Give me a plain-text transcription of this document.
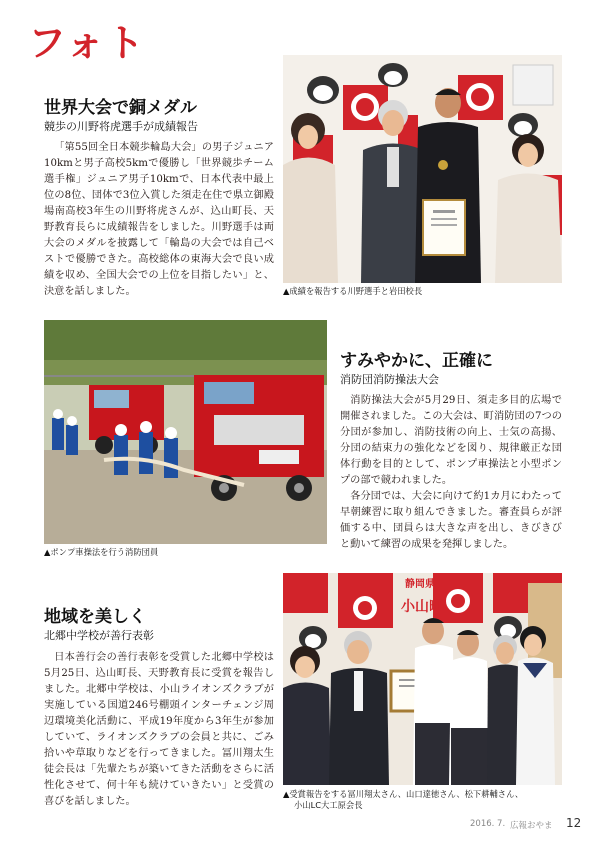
フォト
世界大会で銅メダル
競歩の川野将虎選手が成績報告

「第55回全日本競歩輪島大会」の男子ジュニア10kmと男子高校5kmで優勝し「世界競歩チーム選手権」ジュニア男子10kmで、日本代表中最上位の8位、団体で3位入賞した須走在住で県立御殿場南高校3年生の川野将虎さんが、込山町長、天野教育長らに成績報告をしました。川野選手は両大会のメダルを披露して「輪島の大会では自己ベストで優勝できた。高校総体の東海大会で良い成績を収め、全国大会での上位を目指したい」と、決意を話しました。	▲成績を報告する川野選手と岩田校長
▲ポンプ車操法を行う消防団員
すみやかに、正確に
消防団消防操法大会

消防操法大会が5月29日、須走多目的広場で開催されました。この大会は、町消防団の7つの分団が参加し、消防技術の向上、士気の高揚、分団の結束力の強化などを図り、規律厳正な団体行動を目的として、ポンプ車操法と小型ポンプの部で競われました。

各分団では、大会に向けて約1カ月にわたって早朝練習に取り組んできました。審査員らが評価する中、団員らは大きな声を出し、きびきびと動いて練習の成果を発揮しました。

地域を美しく
北郷中学校が善行表彰

日本善行会の善行表彰を受賞した北郷中学校は5月25日、込山町長、天野教育長に受賞を報告しました。北郷中学校は、小山ライオンズクラブが実施している国道246号棚頭インターチェンジ周辺環境美化活動に、平成19年度から3年生が参加していて、ライオンズクラブの会員と共に、ごみ拾いや草取りなどを行ってきました。冨川翔太生徒会長は「先輩たちが築いてきた活動をさらに活性化させて、何十年も続けていきたい」と受賞の喜びを話しました。

静岡県
小山町
▲受賞報告をする冨川翔太さん、山口達徳さん、松下耕輔さん、
小山LC大工原会長
2016. 7. 広報おやま 12
